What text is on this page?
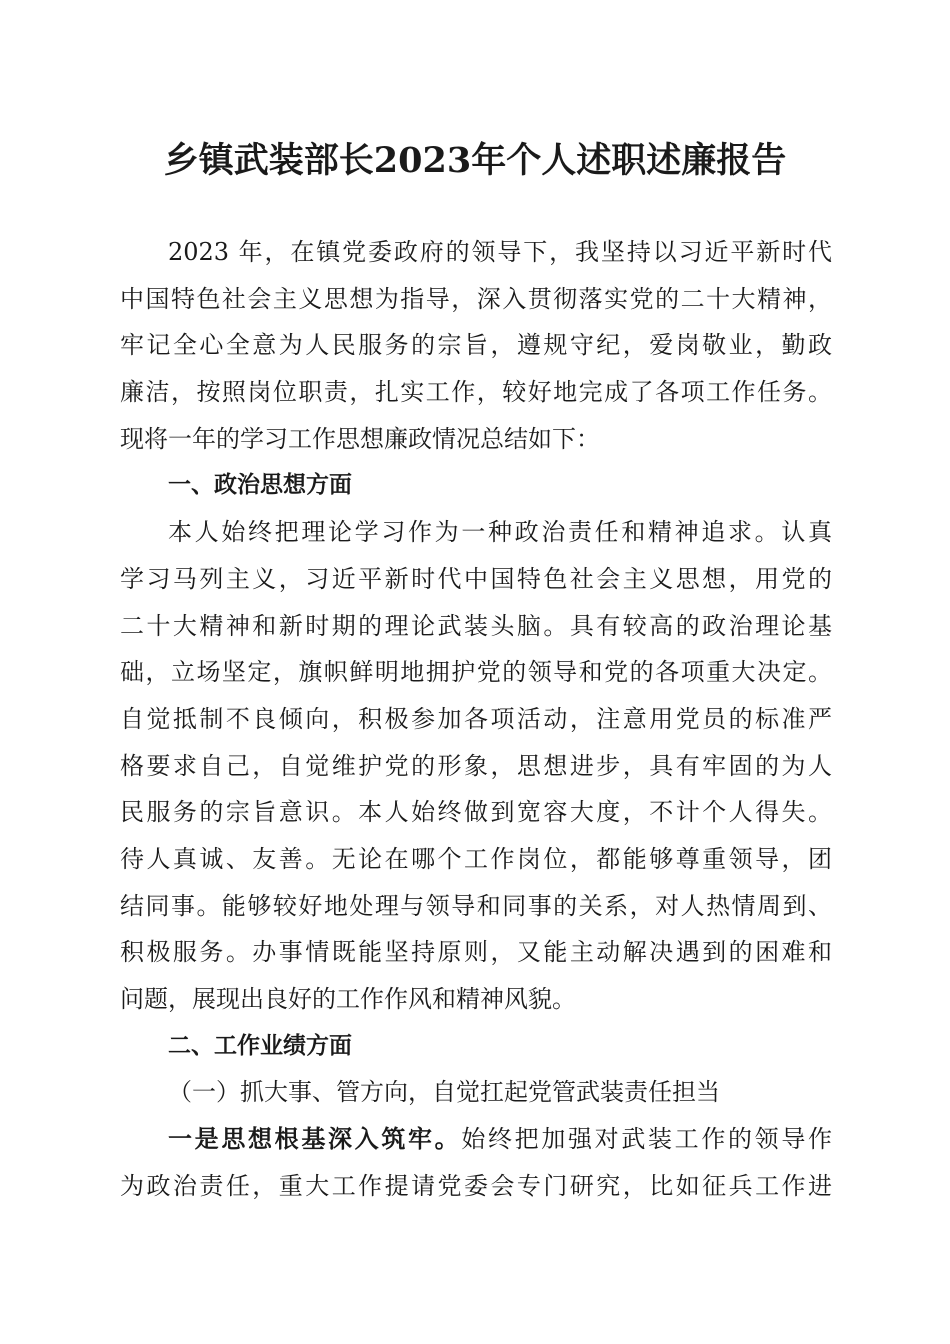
乡镇武装部长2023年个人述职述廉报告
2023 年，在镇党委政府的领导下，我坚持以习近平新时代
中国特色社会主义思想为指导，深入贯彻落实党的二十大精神，
牢记全心全意为人民服务的宗旨，遵规守纪，爱岗敬业，勤政
廉洁，按照岗位职责，扎实工作，较好地完成了各项工作任务。
现将一年的学习工作思想廉政情况总结如下：
一、政治思想方面
本人始终把理论学习作为一种政治责任和精神追求。认真
学习马列主义，习近平新时代中国特色社会主义思想，用党的
二十大精神和新时期的理论武装头脑。具有较高的政治理论基
础，立场坚定，旗帜鲜明地拥护党的领导和党的各项重大决定。
自觉抵制不良倾向，积极参加各项活动，注意用党员的标准严
格要求自己，自觉维护党的形象，思想进步，具有牢固的为人
民服务的宗旨意识。本人始终做到宽容大度，不计个人得失。
待人真诚、友善。无论在哪个工作岗位，都能够尊重领导，团
结同事。能够较好地处理与领导和同事的关系，对人热情周到、
积极服务。办事情既能坚持原则，又能主动解决遇到的困难和
问题，展现出良好的工作作风和精神风貌。
二、工作业绩方面
（一）抓大事、管方向，自觉扛起党管武装责任担当
一是思想根基深入筑牢。始终把加强对武装工作的领导作
为政治责任，重大工作提请党委会专门研究，比如征兵工作进
